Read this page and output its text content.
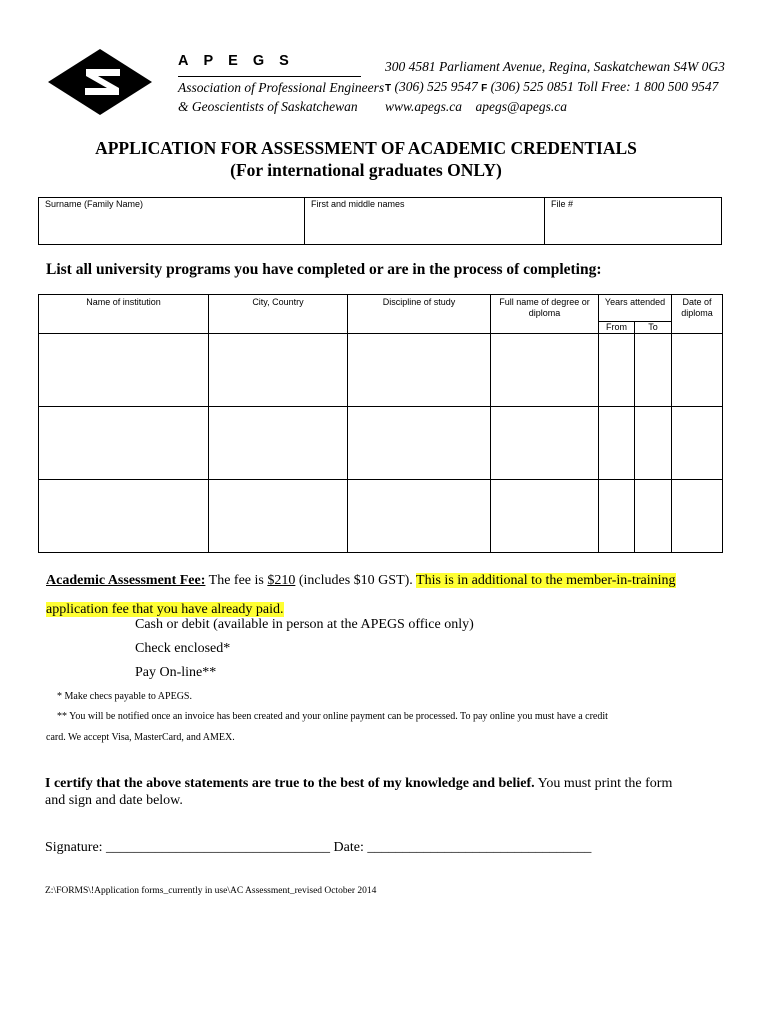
APEGS
Association of Professional Engineers
& Geoscientists of Saskatchewan
300 4581 Parliament Avenue, Regina, Saskatchewan S4W 0G3
T (306) 525 9547 F (306) 525 0851 Toll Free: 1 800 500 9547
www.apegs.ca apegs@apegs.ca
APPLICATION FOR ASSESSMENT OF ACADEMIC CREDENTIALS
(For international graduates ONLY)
Surname (Family Name)	First and middle names	File #
List all university programs you have completed or are in the process of completing:
Name of institution	City, Country	Discipline of study	Full name of degree or diploma	Years attended		Date of diploma
				From	To	

Academic Assessment Fee: The fee is $210 (includes $10 GST). This is in additional to the member-in-training application fee that you have already paid.
Cash or debit (available in person at the APEGS office only)
Check enclosed*
Pay On-line**
* Make checs payable to APEGS.
** You will be notified once an invoice has been created and your online payment can be processed. To pay online you must have a credit
card. We accept Visa, MasterCard, and AMEX.
I certify that the above statements are true to the best of my knowledge and belief. You must print the form and sign and date below.
Signature: ________________________________ Date: ________________________________
Z:\FORMS\!Application forms_currently in use\AC Assessment_revised October 2014
